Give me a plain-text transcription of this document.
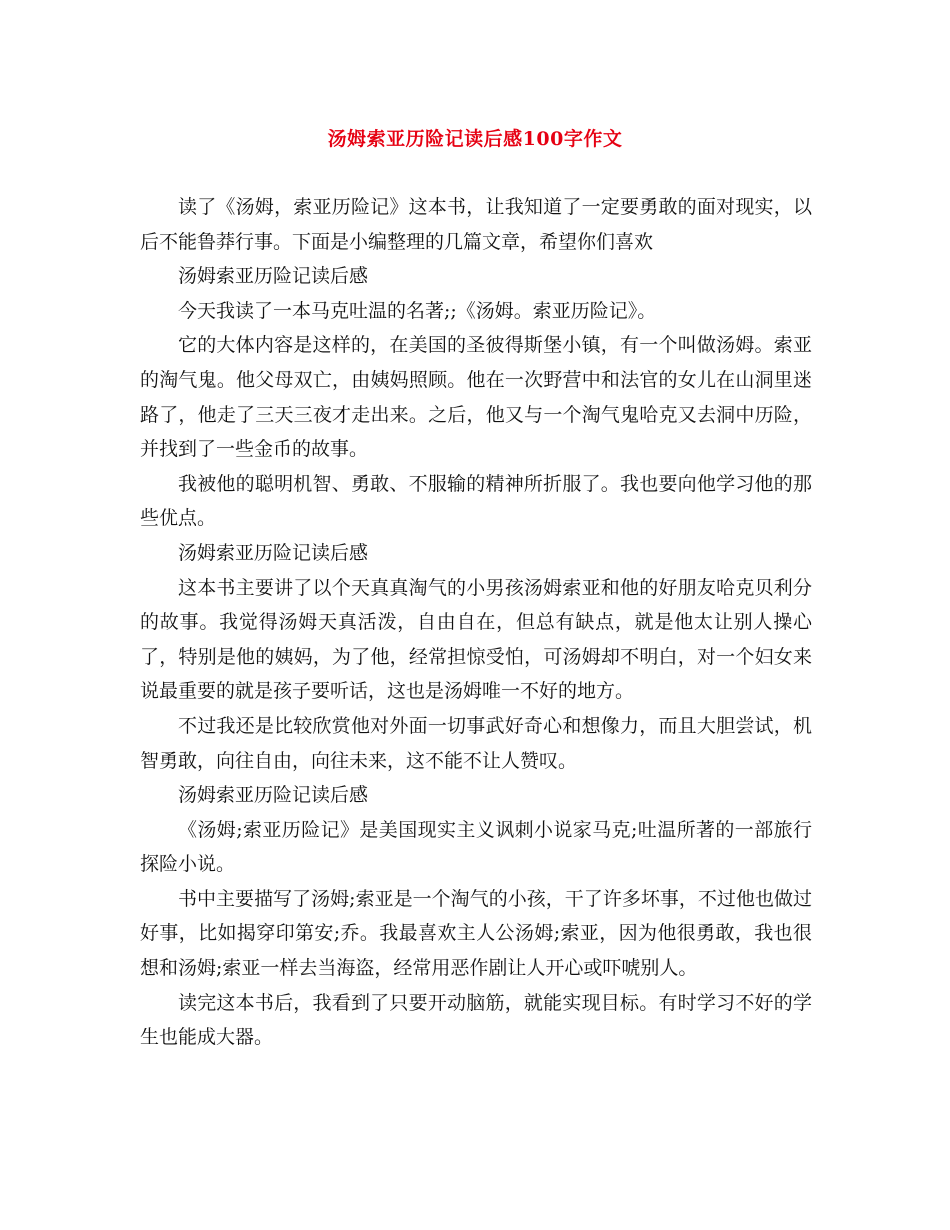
汤姆索亚历险记读后感100字作文

读了《汤姆，索亚历险记》这本书，让我知道了一定要勇敢的面对现实，以后不能鲁莽行事。下面是小编整理的几篇文章，希望你们喜欢

汤姆索亚历险记读后感

今天我读了一本马克吐温的名著;;《汤姆。索亚历险记》。

它的大体内容是这样的，在美国的圣彼得斯堡小镇，有一个叫做汤姆。索亚的淘气鬼。他父母双亡，由姨妈照顾。他在一次野营中和法官的女儿在山洞里迷路了，他走了三天三夜才走出来。之后，他又与一个淘气鬼哈克又去洞中历险，并找到了一些金币的故事。

我被他的聪明机智、勇敢、不服输的精神所折服了。我也要向他学习他的那些优点。

汤姆索亚历险记读后感

这本书主要讲了以个天真真淘气的小男孩汤姆索亚和他的好朋友哈克贝利分的故事。我觉得汤姆天真活泼，自由自在，但总有缺点，就是他太让别人操心了，特别是他的姨妈，为了他，经常担惊受怕，可汤姆却不明白，对一个妇女来说最重要的就是孩子要听话，这也是汤姆唯一不好的地方。

不过我还是比较欣赏他对外面一切事武好奇心和想像力，而且大胆尝试，机智勇敢，向往自由，向往未来，这不能不让人赞叹。

汤姆索亚历险记读后感

《汤姆;索亚历险记》是美国现实主义讽刺小说家马克;吐温所著的一部旅行探险小说。

书中主要描写了汤姆;索亚是一个淘气的小孩，干了许多坏事，不过他也做过好事，比如揭穿印第安;乔。我最喜欢主人公汤姆;索亚，因为他很勇敢，我也很想和汤姆;索亚一样去当海盗，经常用恶作剧让人开心或吓唬别人。

读完这本书后，我看到了只要开动脑筋，就能实现目标。有时学习不好的学生也能成大器。
